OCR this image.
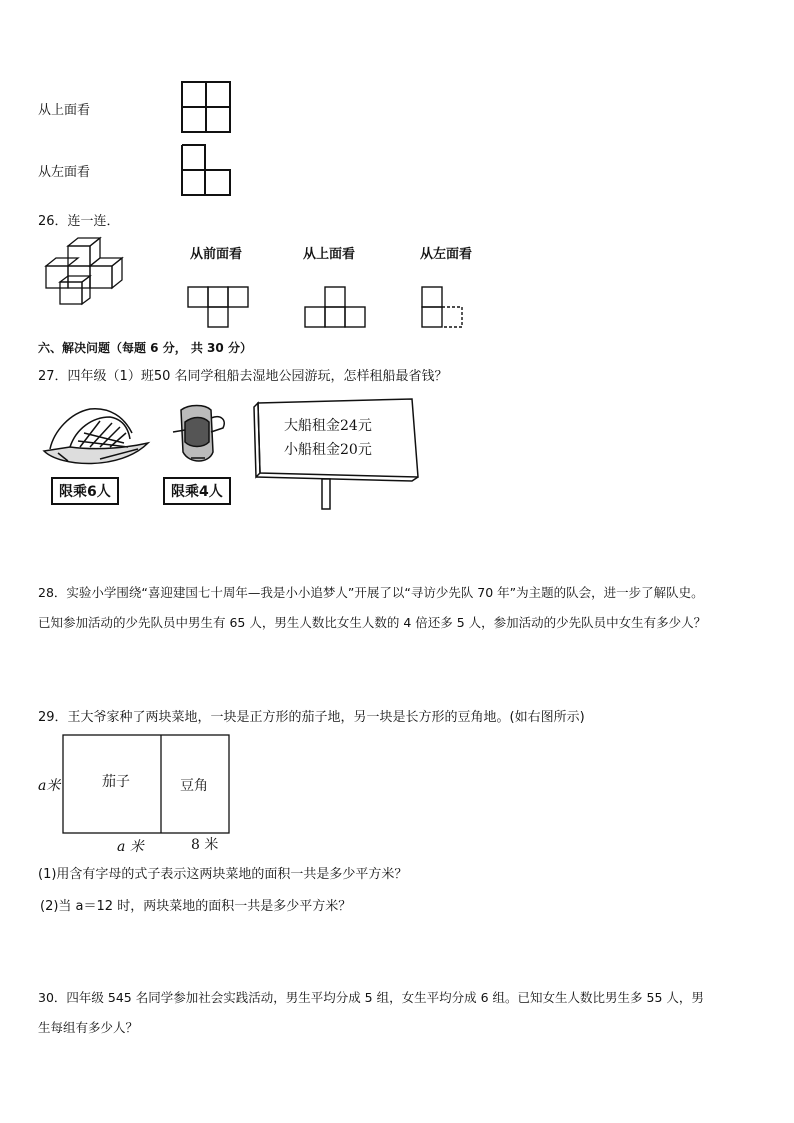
从上面看
从左面看
26．连一连．
从前面看	从上面看	从左面看
六、解决问题（每题 6 分， 共 30 分）
27．四年级（1）班50 名同学租船去湿地公园游玩，怎样租船最省钱？
限乘6人	限乘4人
大船租金24元
小船租金20元
28．实验小学围绕“喜迎建国七十周年—我是小小追梦人”开展了以“寻访少先队 70 年”为主题的队会，进一步了解队史。
已知参加活动的少先队员中男生有 65 人，男生人数比女生人数的 4 倍还多 5 人，参加活动的少先队员中女生有多少人？
29．王大爷家种了两块菜地，一块是正方形的茄子地，另一块是长方形的豆角地。(如右图所示)
a米	茄子	豆角
a 米	8 米
(1)用含有字母的式子表示这两块菜地的面积一共是多少平方米？
(2)当 a＝12 时，两块菜地的面积一共是多少平方米？
30．四年级 545 名同学参加社会实践活动，男生平均分成 5 组，女生平均分成 6 组。已知女生人数比男生多 55 人，男
生每组有多少人？
